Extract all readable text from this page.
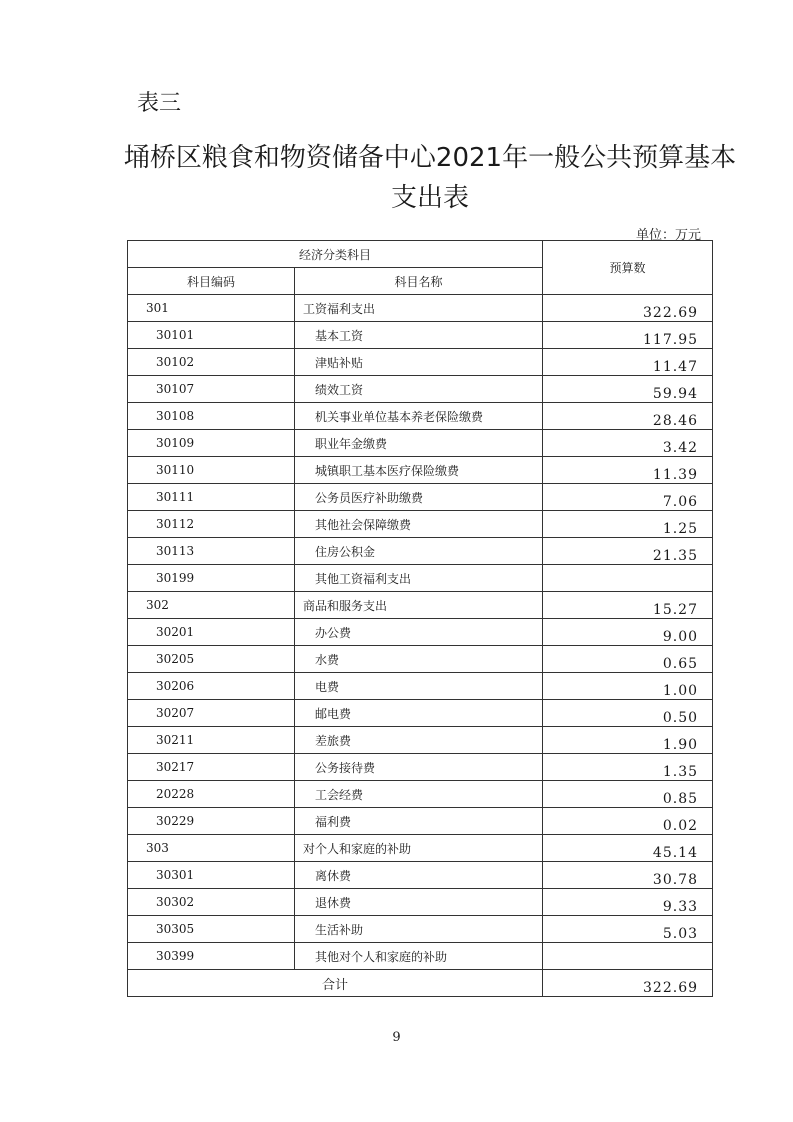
表三
埇桥区粮食和物资储备中心2021年一般公共预算基本
支出表
单位：万元
经济分类科目		预算数
科目编码	科目名称	
301	工资福利支出	322.69
30101	基本工资	117.95
30102	津贴补贴	11.47
30107	绩效工资	59.94
30108	机关事业单位基本养老保险缴费	28.46
30109	职业年金缴费	3.42
30110	城镇职工基本医疗保险缴费	11.39
30111	公务员医疗补助缴费	7.06
30112	其他社会保障缴费	1.25
30113	住房公积金	21.35
30199	其他工资福利支出	
302	商品和服务支出	15.27
30201	办公费	9.00
30205	水费	0.65
30206	电费	1.00
30207	邮电费	0.50
30211	差旅费	1.90
30217	公务接待费	1.35
20228	工会经费	0.85
30229	福利费	0.02
303	对个人和家庭的补助	45.14
30301	离休费	30.78
30302	退休费	9.33
30305	生活补助	5.03
30399	其他对个人和家庭的补助	
合计		322.69
9
